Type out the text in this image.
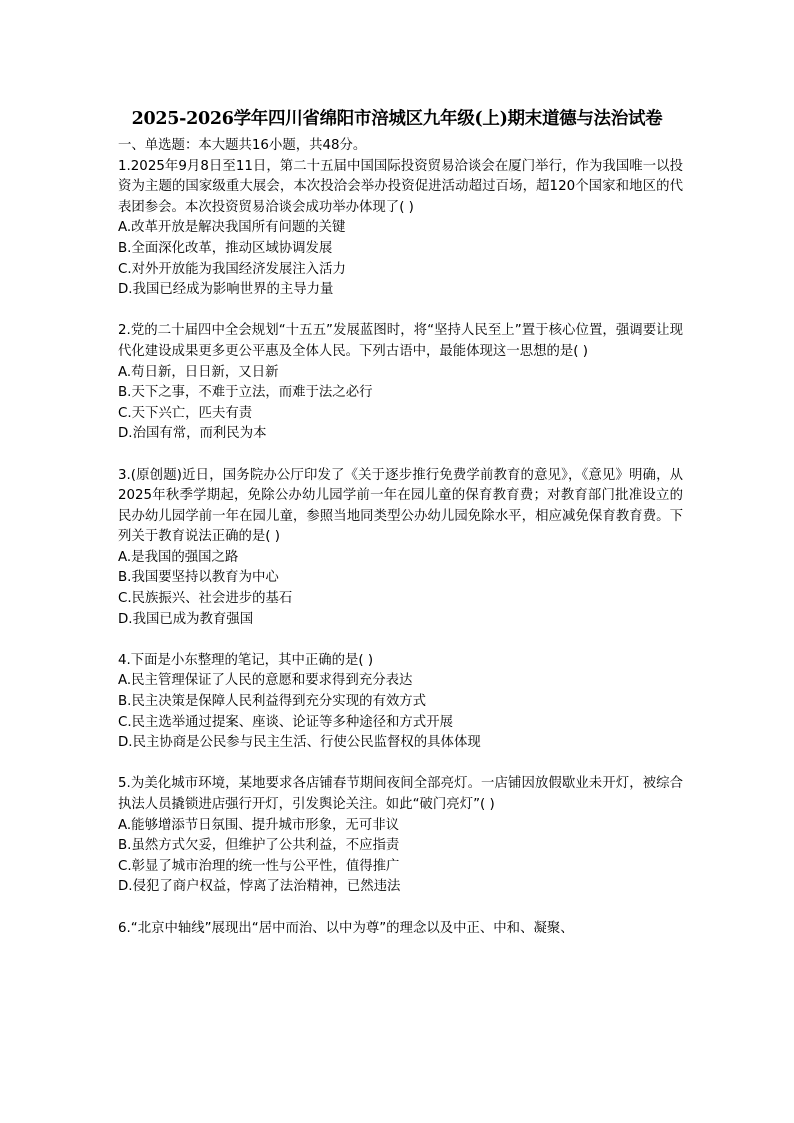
2025-2026学年四川省绵阳市涪城区九年级(上)期末道德与法治试卷

一、单选题：本大题共16小题，共48分。

1.2025年9月8日至11日，第二十五届中国国际投资贸易洽谈会在厦门举行，作为我国唯一以投资为主题的国家级重大展会，本次投洽会举办投资促进活动超过百场，超120个国家和地区的代表团参会。本次投资贸易洽谈会成功举办体现了( )
A.改革开放是解决我国所有问题的关键
B.全面深化改革，推动区域协调发展
C.对外开放能为我国经济发展注入活力
D.我国已经成为影响世界的主导力量
2.党的二十届四中全会规划“十五五”发展蓝图时，将“坚持人民至上”置于核心位置，强调要让现代化建设成果更多更公平惠及全体人民。下列古语中，最能体现这一思想的是( )
A.苟日新，日日新，又日新
B.天下之事，不难于立法，而难于法之必行
C.天下兴亡，匹夫有责
D.治国有常，而利民为本
3.(原创题)近日，国务院办公厅印发了《关于逐步推行免费学前教育的意见》，《意见》明确，从2025年秋季学期起，免除公办幼儿园学前一年在园儿童的保育教育费；对教育部门批准设立的民办幼儿园学前一年在园儿童，参照当地同类型公办幼儿园免除水平，相应减免保育教育费。下列关于教育说法正确的是( )
A.是我国的强国之路
B.我国要坚持以教育为中心
C.民族振兴、社会进步的基石
D.我国已成为教育强国
4.下面是小东整理的笔记，其中正确的是( )
A.民主管理保证了人民的意愿和要求得到充分表达
B.民主决策是保障人民利益得到充分实现的有效方式
C.民主选举通过提案、座谈、论证等多种途径和方式开展
D.民主协商是公民参与民主生活、行使公民监督权的具体体现
5.为美化城市环境，某地要求各店铺春节期间夜间全部亮灯。一店铺因放假歇业未开灯，被综合执法人员撬锁进店强行开灯，引发舆论关注。如此“破门亮灯”( )
A.能够增添节日氛围、提升城市形象，无可非议
B.虽然方式欠妥，但维护了公共利益，不应指责
C.彰显了城市治理的统一性与公平性，值得推广
D.侵犯了商户权益，悖离了法治精神，已然违法
6.“北京中轴线”展现出“居中而治、以中为尊”的理念以及中正、中和、凝聚、
